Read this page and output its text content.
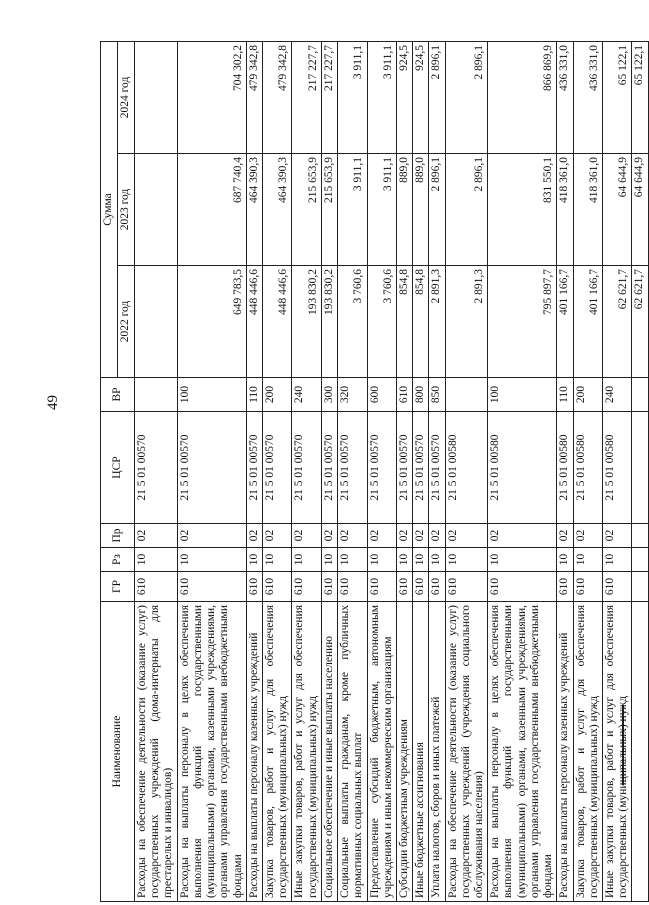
49
Наименование	ГР	Рз	Пр	ЦСР	ВР	Сумма		
						2022 год	2023 год	2024 год
Расходы на обеспечение деятельности (оказание услуг) государственных учреждений (дома-интернаты для престарелых и инвалидов)	610	10	02	21 5 01 00570				
Расходы на выплаты персоналу в целях обеспечения выполнения функций государственными (муниципальными) органами, казенными учреждениями, органами управления государственными внебюджетными фондами	610	10	02	21 5 01 00570	100	649 783,5	687 740,4	704 302,2
Расходы на выплаты персоналу казенных учреждений	610	10	02	21 5 01 00570	110	448 446,6	464 390,3	479 342,8
Закупка товаров, работ и услуг для обеспечения государственных (муниципальных) нужд	610	10	02	21 5 01 00570	200	448 446,6	464 390,3	479 342,8
Иные закупки товаров, работ и услуг для обеспечения государственных (муниципальных) нужд	610	10	02	21 5 01 00570	240	193 830,2	215 653,9	217 227,7
Социальное обеспечение и иные выплаты населению	610	10	02	21 5 01 00570	300	193 830,2	215 653,9	217 227,7
Социальные выплаты гражданам, кроме публичных нормативных социальных выплат	610	10	02	21 5 01 00570	320	3 760,6	3 911,1	3 911,1
Предоставление субсидий бюджетным, автономным учреждениям и иным некоммерческим организациям	610	10	02	21 5 01 00570	600	3 760,6	3 911,1	3 911,1
Субсидии бюджетным учреждениям	610	10	02	21 5 01 00570	610	854,8	889,0	924,5
Иные бюджетные ассигнования	610	10	02	21 5 01 00570	800	854,8	889,0	924,5
Уплата налогов, сборов и иных платежей	610	10	02	21 5 01 00570	850	2 891,3	2 896,1	2 896,1
Расходы на обеспечение деятельности (оказание услуг) государственных учреждений (учреждения социального обслуживания населения)	610	10	02	21 5 01 00580		2 891,3	2 896,1	2 896,1
Расходы на выплаты персоналу в целях обеспечения выполнения функций государственными (муниципальными) органами, казенными учреждениями, органами управления государственными внебюджетными фондами	610	10	02	21 5 01 00580	100	795 897,7	831 550,1	866 869,9
Расходы на выплаты персоналу казенных учреждений	610	10	02	21 5 01 00580	110	401 166,7	418 361,0	436 331,0
Закупка товаров, работ и услуг для обеспечения государственных (муниципальных) нужд	610	10	02	21 5 01 00580	200	401 166,7	418 361,0	436 331,0
Иные закупки товаров, работ и услуг для обеспечения государственных (муниципальных) нужд	610	10	02	21 5 01 00580	240	62 621,7	64 644,9	65 122,1
						62 621,7	64 644,9	65 122,1
